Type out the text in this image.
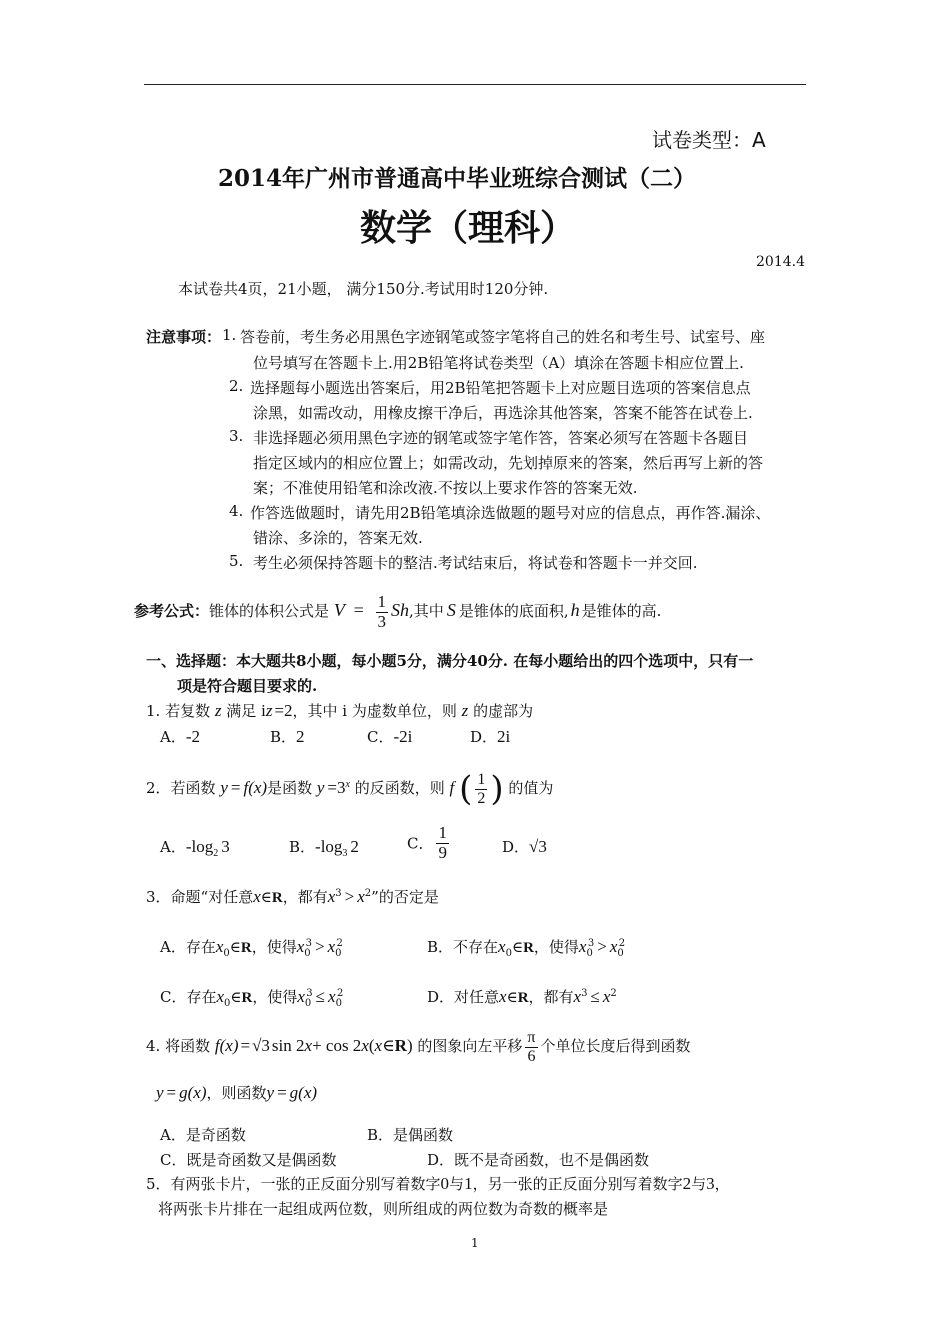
试卷类型：A
2014年广州市普通高中毕业班综合测试（二）
数学（理科）
2014.4
本试卷共4页，21小题， 满分150分.考试用时120分钟.
注意事项： 1. 答卷前，考生务必用黑色字迹钢笔或签字笔将自己的姓名和考生号、试室号、座
位号填写在答题卡上.用2B铅笔将试卷类型（A）填涂在答题卡相应位置上.
2. 选择题每小题选出答案后，用2B铅笔把答题卡上对应题目选项的答案信息点
涂黑，如需改动，用橡皮擦干净后，再选涂其他答案，答案不能答在试卷上.
3. 非选择题必须用黑色字迹的钢笔或签字笔作答，答案必须写在答题卡各题目
指定区域内的相应位置上；如需改动，先划掉原来的答案，然后再写上新的答
案；不准使用铅笔和涂改液.不按以上要求作答的答案无效.
4. 作答选做题时，请先用2B铅笔填涂选做题的题号对应的信息点，再作答.漏涂、
错涂、多涂的，答案无效.
5. 考生必须保持答题卡的整洁.考试结束后，将试卷和答题卡一并交回.
参考公式：锥体的体积公式是 $V = \frac{1}{3} Sh$,其中 S 是锥体的底面积, h 是锥体的高.
一、选择题：本大题共8小题，每小题5分，满分40分. 在每小题给出的四个选项中，只有一
项是符合题目要求的.
1. 若复数 z 满足 iz =2，其中 i 为虚数单位，则 z 的虚部为
A．-2	B．2	C．-2i	D．2i
2．若函数 y = f(x)是函数 $y =3^x$ 的反函数，则 f ( $\frac{1}{2}$ ) 的值为
A．$-\log_2$ 3	B．$-\log_3$ 2	C． $\frac{1}{9}$	D．√3
3．命题“对任意x∈R，都有$x^3 > x^2$”的否定是
A．存在$x_0\in R$，使得$x_0^3 > x_0^2$	B．不存在$x_0\in R$，使得$x_0^3 > x_0^2$
C．存在$x_0\in R$，使得$x_0^3 \le x_0^2$	D．对任意x∈R，都有$x^3 \le x^2$
4. 将函数 f(x) = √3 sin 2x+ cos 2x(x∈R) 的图象向左平移 $\frac{\pi}{6}$ 个单位长度后得到函数
y = g(x)，则函数y = g(x)
A．是奇函数	B．是偶函数
C．既是奇函数又是偶函数	D．既不是奇函数，也不是偶函数
5．有两张卡片，一张的正反面分别写着数字0与1，另一张的正反面分别写着数字2与3，
将两张卡片排在一起组成两位数，则所组成的两位数为奇数的概率是
1
